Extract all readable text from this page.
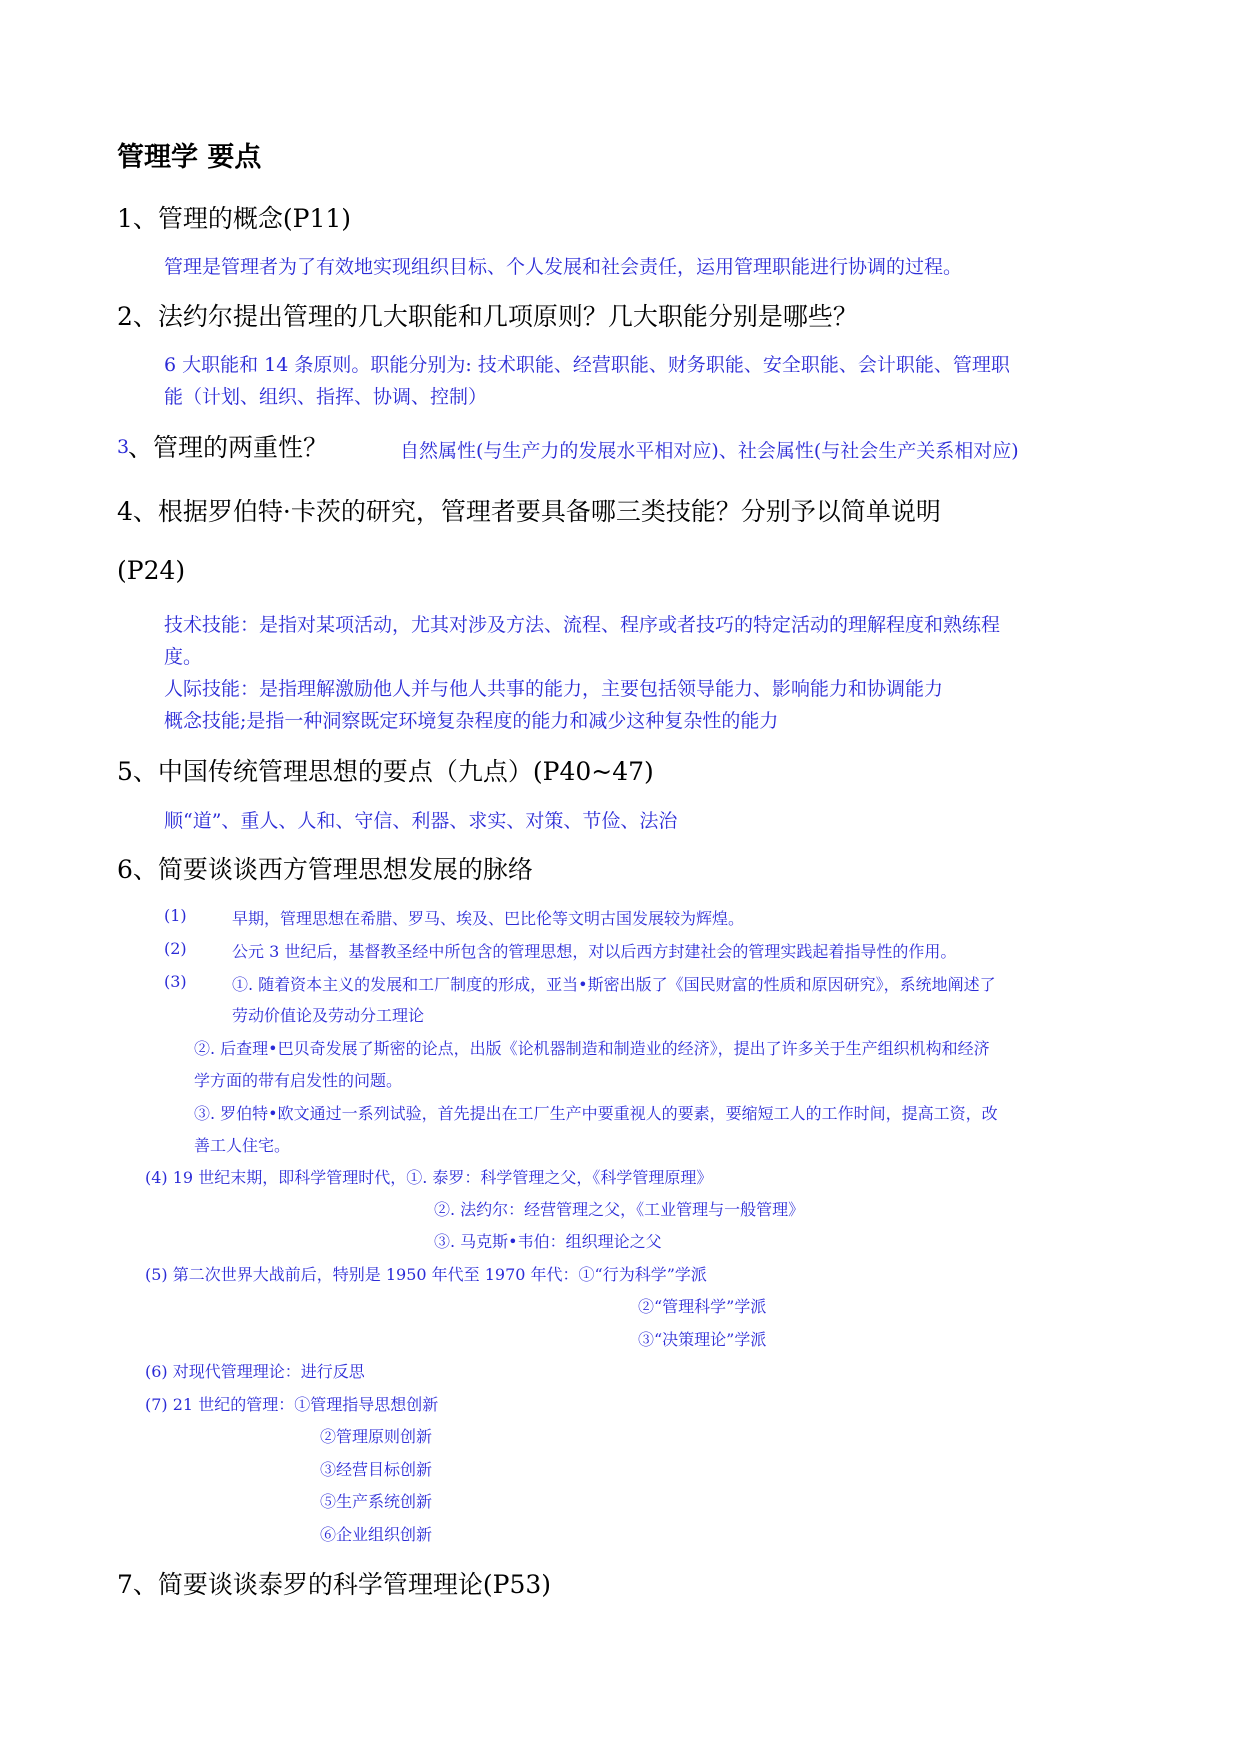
管理学 要点
1、管理的概念(P11)
管理是管理者为了有效地实现组织目标、个人发展和社会责任，运用管理职能进行协调的过程。
2、法约尔提出管理的几大职能和几项原则？几大职能分别是哪些？
6 大职能和 14 条原则。职能分别为: 技术职能、经营职能、财务职能、安全职能、会计职能、管理职
能（计划、组织、指挥、协调、控制）
3
、管理的两重性？	自然属性(与生产力的发展水平相对应)、社会属性(与社会生产关系相对应)
4、根据罗伯特·卡茨的研究，管理者要具备哪三类技能？分别予以简单说明
(P24)
技术技能：是指对某项活动，尤其对涉及方法、流程、程序或者技巧的特定活动的理解程度和熟练程
度。
人际技能：是指理解激励他人并与他人共事的能力，主要包括领导能力、影响能力和协调能力
概念技能;是指一种洞察既定环境复杂程度的能力和减少这种复杂性的能力
5、中国传统管理思想的要点（九点）(P40~47)
顺“道”、重人、人和、守信、利器、求实、对策、节俭、法治
6、简要谈谈西方管理思想发展的脉络
(1)	早期，管理思想在希腊、罗马、埃及、巴比伦等文明古国发展较为辉煌。
(2)	公元 3 世纪后，基督教圣经中所包含的管理思想，对以后西方封建社会的管理实践起着指导性的作用。
(3)	①. 随着资本主义的发展和工厂制度的形成，亚当•斯密出版了《国民财富的性质和原因研究》，系统地阐述了
劳动价值论及劳动分工理论
②. 后查理•巴贝奇发展了斯密的论点，出版《论机器制造和制造业的经济》，提出了许多关于生产组织机构和经济
学方面的带有启发性的问题。
③. 罗伯特•欧文通过一系列试验，首先提出在工厂生产中要重视人的要素，要缩短工人的工作时间，提高工资，改
善工人住宅。
(4) 19 世纪末期，即科学管理时代，①. 泰罗：科学管理之父，《科学管理原理》
②. 法约尔：经营管理之父，《工业管理与一般管理》
③. 马克斯•韦伯：组织理论之父
(5) 第二次世界大战前后，特别是 1950 年代至 1970 年代：①“行为科学”学派
②“管理科学”学派
③“决策理论”学派
(6) 对现代管理理论：进行反思
(7) 21 世纪的管理：①管理指导思想创新
②管理原则创新
③经营目标创新
⑤生产系统创新
⑥企业组织创新
7、简要谈谈泰罗的科学管理理论(P53)
